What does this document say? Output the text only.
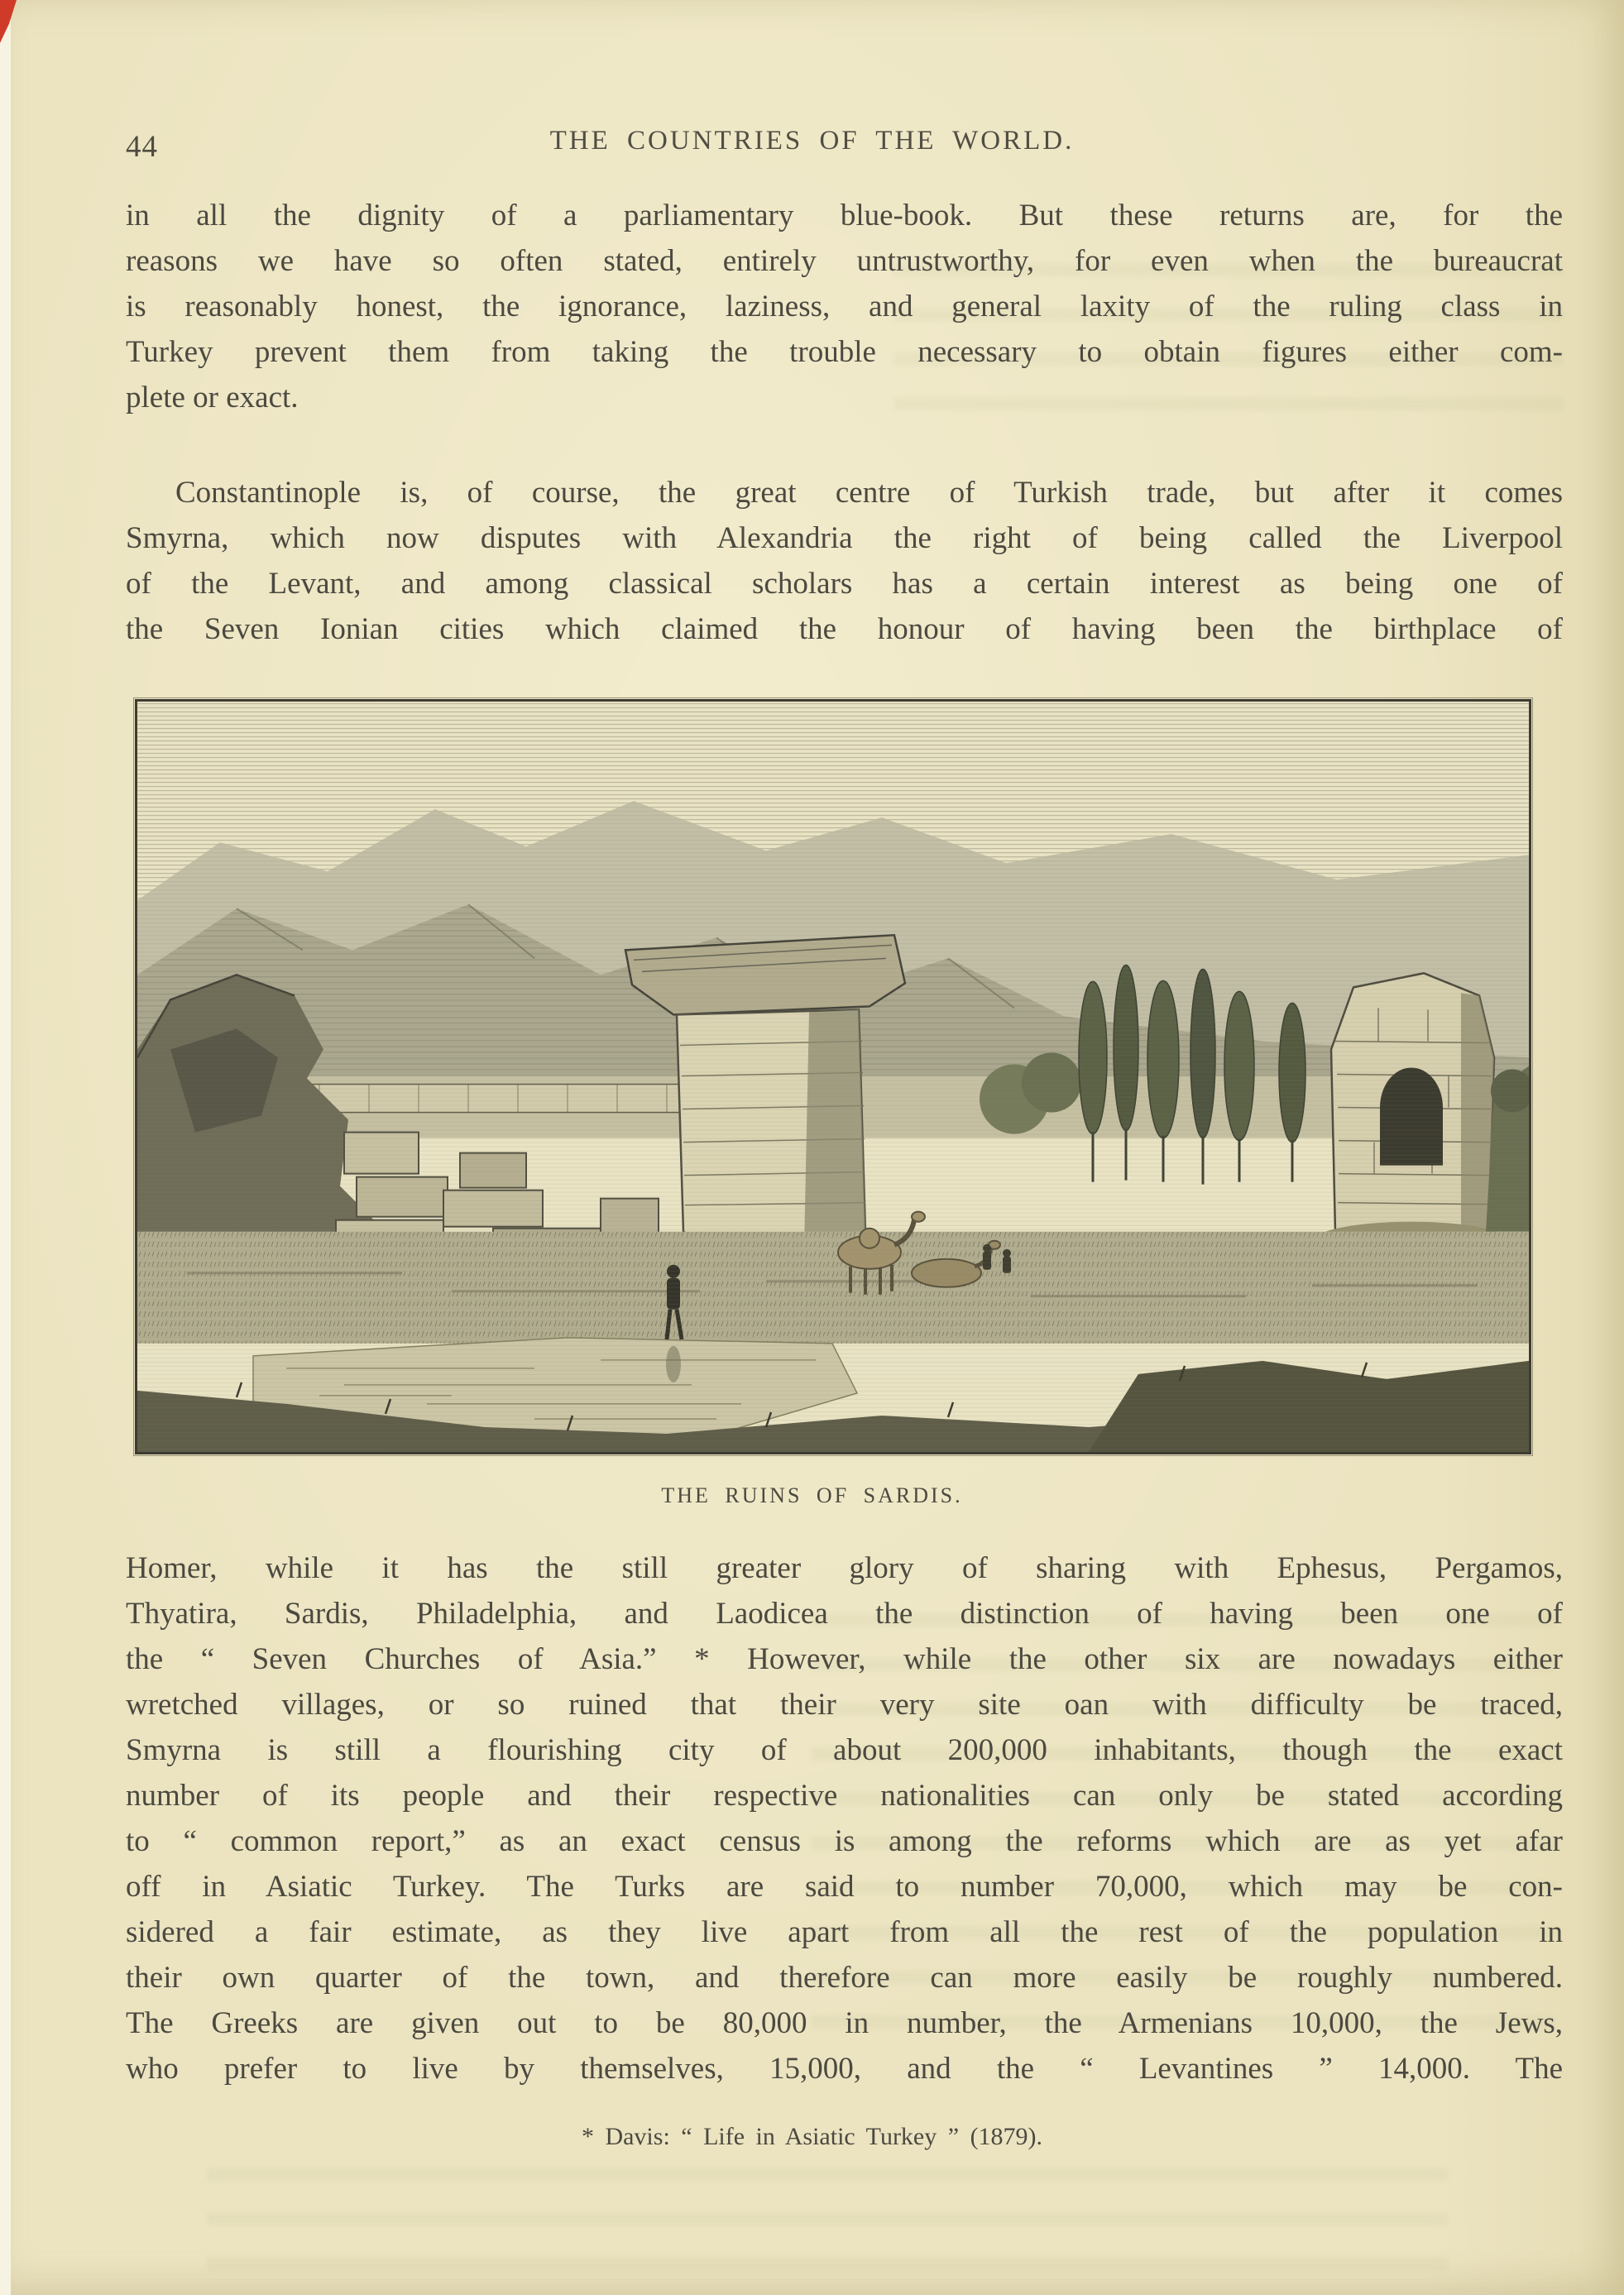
44	THE COUNTRIES OF THE WORLD.
in all the dignity of a parliamentary blue-book. But these returns are, for the
reasons we have so often stated, entirely untrustworthy, for even when the bureaucrat
is reasonably honest, the ignorance, laziness, and general laxity of the ruling class in
Turkey prevent them from taking the trouble necessary to obtain figures either com-
plete or exact.
Constantinople is, of course, the great centre of Turkish trade, but after it comes
Smyrna, which now disputes with Alexandria the right of being called the Liverpool
of the Levant, and among classical scholars has a certain interest as being one of
the Seven Ionian cities which claimed the honour of having been the birthplace of
THE RUINS OF SARDIS.
Homer, while it has the still greater glory of sharing with Ephesus, Pergamos,
Thyatira, Sardis, Philadelphia, and Laodicea the distinction of having been one of
the “ Seven Churches of Asia.” * However, while the other six are nowadays either
wretched villages, or so ruined that their very site oan with difficulty be traced,
Smyrna is still a flourishing city of about 200,000 inhabitants, though the exact
number of its people and their respective nationalities can only be stated according
to “ common report,” as an exact census is among the reforms which are as yet afar
off in Asiatic Turkey. The Turks are said to number 70,000, which may be con-
sidered a fair estimate, as they live apart from all the rest of the population in
their own quarter of the town, and therefore can more easily be roughly numbered.
The Greeks are given out to be 80,000 in number, the Armenians 10,000, the Jews,
who prefer to live by themselves, 15,000, and the “ Levantines ” 14,000. The
* Davis: “ Life in Asiatic Turkey ” (1879).
